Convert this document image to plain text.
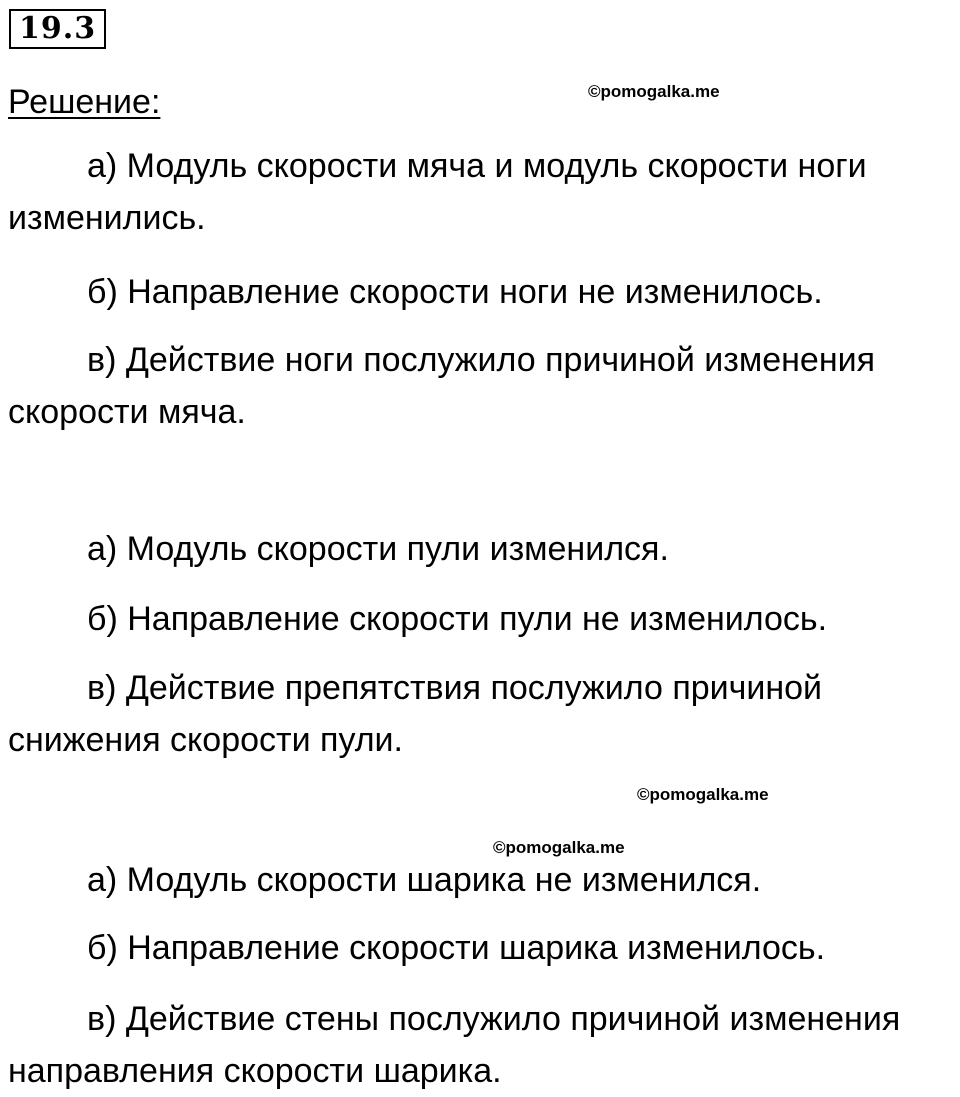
19.3
Решение:	©pomogalka.me
©pomogalka.me
©pomogalka.me
а) Модуль скорости мяча и модуль скорости ноги
изменились.
б) Направление скорости ноги не изменилось.
в) Действие ноги послужило причиной изменения
скорости мяча.
а) Модуль скорости пули изменился.
б) Направление скорости пули не изменилось.
в) Действие препятствия послужило причиной
снижения скорости пули.
а) Модуль скорости шарика не изменился.
б) Направление скорости шарика изменилось.
в) Действие стены послужило причиной изменения
направления скорости шарика.
